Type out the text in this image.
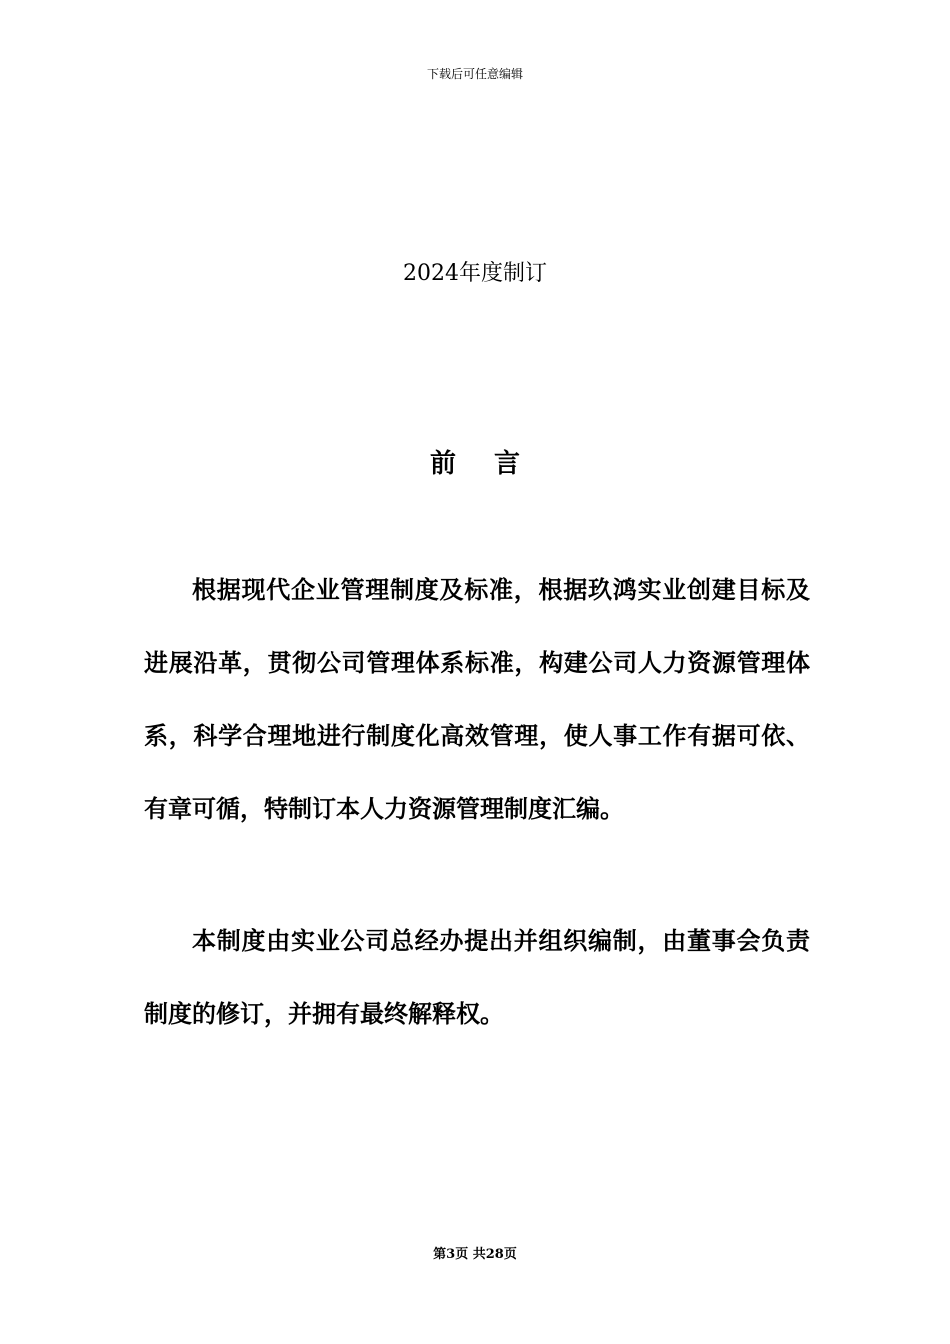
下载后可任意编辑
2024年度制订
前言

根据现代企业管理制度及标准，根据玖鸿实业创建目标及进展沿革，贯彻公司管理体系标准，构建公司人力资源管理体系，科学合理地进行制度化高效管理，使人事工作有据可依、有章可循，特制订本人力资源管理制度汇编。

本制度由实业公司总经办提出并组织编制，由董事会负责制度的修订，并拥有最终解释权。

第3页 共28页
